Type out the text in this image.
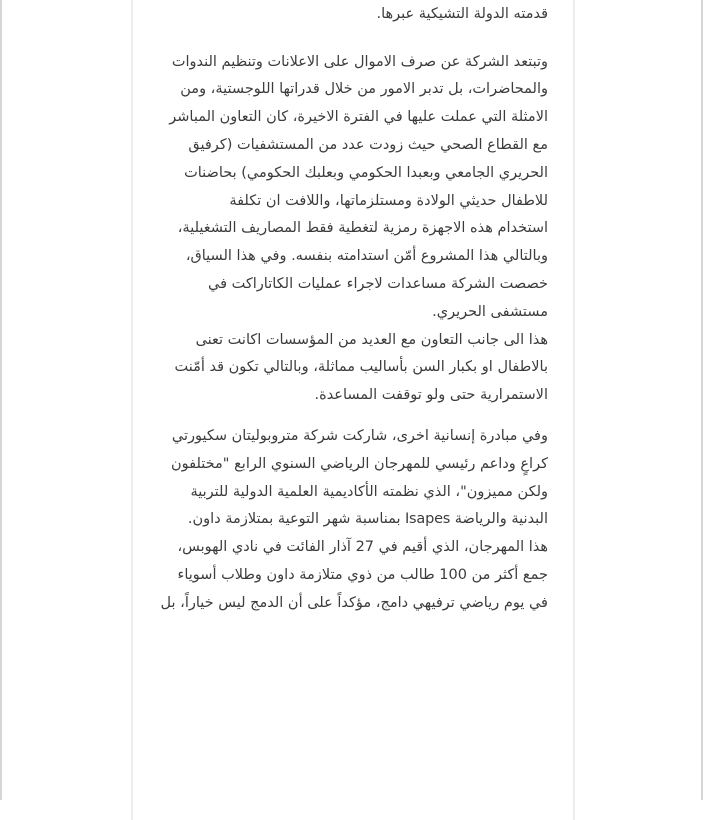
قدمته الدولة التشيكية عبرها.

وتبتعد الشركة عن صرف الاموال على الاعلانات وتنظيم الندوات
والمحاضرات، بل تدبر الامور من خلال قدراتها اللوجستية، ومن
الامثلة التي عملت عليها في الفترة الاخيرة، كان التعاون المباشر
مع القطاع الصحي حيث زودت عدد من المستشفيات (كرفيق
الحريري الجامعي وبعبدا الحكومي وبعلبك الحكومي) بحاضنات
للاطفال حديثي الولادة ومستلزماتها، واللافت ان تكلفة
استخدام هذه الاجهزة رمزية لتغطية فقط المصاريف التشغيلية،
وبالتالي هذا المشروع أمّن استدامته بنفسه. وفي هذا السياق،
خصصت الشركة مساعدات لاجراء عمليات الكاتاراكت في
مستشفى الحريري.

هذا الى جانب التعاون مع العديد من المؤسسات اكانت تعنى
بالاطفال او بكبار السن بأساليب مماثلة، وبالتالي تكون قد أمّنت
الاستمرارية حتى ولو توقفت المساعدة.

وفي مبادرة إنسانية اخرى، شاركت شركة متروبوليتان سكيورتي
كراعٍ وداعم رئيسي للمهرجان الرياضي السنوي الرابع "مختلفون
ولكن مميزون"، الذي نظمته الأكاديمية العلمية الدولية للتربية
البدنية والرياضة Isapes بمناسبة شهر التوعية بمتلازمة داون.
هذا المهرجان، الذي أقيم في 27 آذار الفائت في نادي الهوبس،
جمع أكثر من 100 طالب من ذوي متلازمة داون وطلاب أسوياء
في يوم رياضي ترفيهي دامج، مؤكداً على أن الدمج ليس خياراً، بل
